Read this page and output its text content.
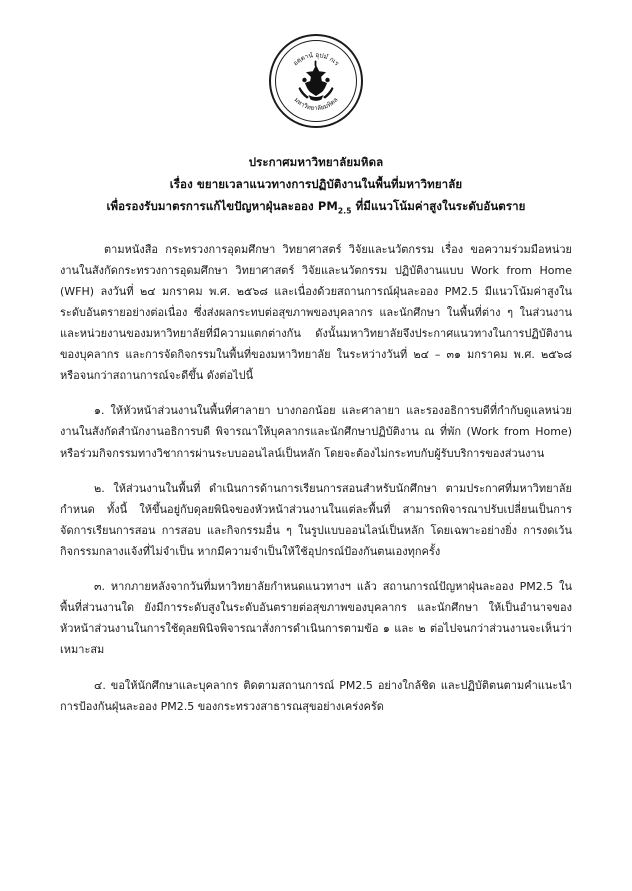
อตฺตานํ อุปมํ กเร
มหาวิทยาลัยมหิดล
ประกาศมหาวิทยาลัยมหิดล
เรื่อง ขยายเวลาแนวทางการปฏิบัติงานในพื้นที่มหาวิทยาลัย
เพื่อรองรับมาตรการแก้ไขปัญหาฝุ่นละออง $PM_{2.5}$ ที่มีแนวโน้มค่าสูงในระดับอันตราย

ตามหนังสือ กระทรวงการอุดมศึกษา วิทยาศาสตร์ วิจัยและนวัตกรรม เรื่อง ขอความร่วมมือหน่วยงานในสังกัดกระทรวงการอุดมศึกษา วิทยาศาสตร์ วิจัยและนวัตกรรม ปฏิบัติงานแบบ Work from Home (WFH) ลงวันที่ ๒๔ มกราคม พ.ศ. ๒๕๖๘ และเนื่องด้วยสถานการณ์ฝุ่นละออง PM2.5 มีแนวโน้มค่าสูงในระดับอันตรายอย่างต่อเนื่อง ซึ่งส่งผลกระทบต่อสุขภาพของบุคลากร และนักศึกษา ในพื้นที่ต่าง ๆ ในส่วนงานและหน่วยงานของมหาวิทยาลัยที่มีความแตกต่างกัน ดังนั้นมหาวิทยาลัยจึงประกาศแนวทางในการปฏิบัติงานของบุคลากร และการจัดกิจกรรมในพื้นที่ของมหาวิทยาลัย ในระหว่างวันที่ ๒๔ – ๓๑ มกราคม พ.ศ. ๒๕๖๘ หรือจนกว่าสถานการณ์จะดีขึ้น ดังต่อไปนี้

๑. ให้หัวหน้าส่วนงานในพื้นที่ศาลายา บางกอกน้อย และศาลายา และรองอธิการบดีที่กำกับดูแลหน่วยงานในสังกัดสำนักงานอธิการบดี พิจารณาให้บุคลากรและนักศึกษาปฏิบัติงาน ณ ที่พัก (Work from Home) หรือร่วมกิจกรรมทางวิชาการผ่านระบบออนไลน์เป็นหลัก โดยจะต้องไม่กระทบกับผู้รับบริการของส่วนงาน

๒. ให้ส่วนงานในพื้นที่ ดำเนินการด้านการเรียนการสอนสำหรับนักศึกษา ตามประกาศที่มหาวิทยาลัยกำหนด ทั้งนี้ ให้ขึ้นอยู่กับดุลยพินิจของหัวหน้าส่วนงานในแต่ละพื้นที่ สามารถพิจารณาปรับเปลี่ยนเป็นการจัดการเรียนการสอน การสอบ และกิจกรรมอื่น ๆ ในรูปแบบออนไลน์เป็นหลัก โดยเฉพาะอย่างยิ่ง การงดเว้นกิจกรรมกลางแจ้งที่ไม่จำเป็น หากมีความจำเป็นให้ใช้อุปกรณ์ป้องกันตนเองทุกครั้ง

๓. หากภายหลังจากวันที่มหาวิทยาลัยกำหนดแนวทางฯ แล้ว สถานการณ์ปัญหาฝุ่นละออง PM2.5 ในพื้นที่ส่วนงานใด ยังมีการระดับสูงในระดับอันตรายต่อสุขภาพของบุคลากร และนักศึกษา ให้เป็นอำนาจของหัวหน้าส่วนงานในการใช้ดุลยพินิจพิจารณาสั่งการดำเนินการตามข้อ ๑ และ ๒ ต่อไปจนกว่าส่วนงานจะเห็นว่าเหมาะสม

๔. ขอให้นักศึกษาและบุคลากร ติดตามสถานการณ์ PM2.5 อย่างใกล้ชิด และปฏิบัติตนตามคำแนะนำการป้องกันฝุ่นละออง PM2.5 ของกระทรวงสาธารณสุขอย่างเคร่งครัด
